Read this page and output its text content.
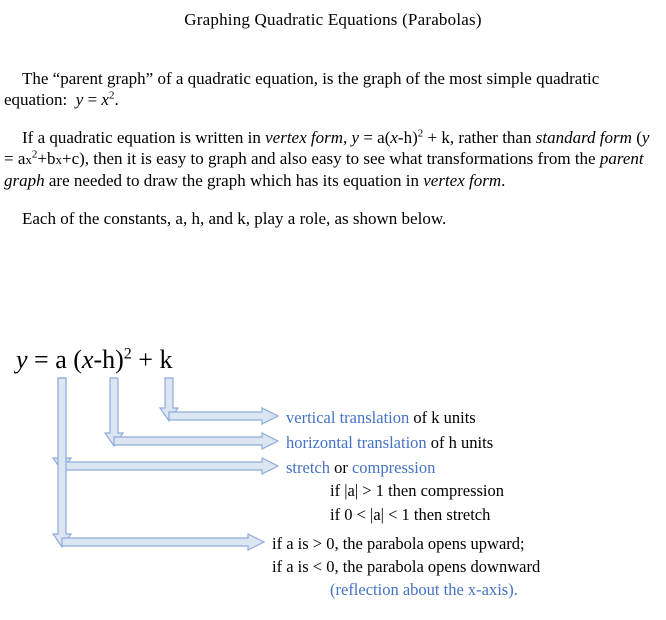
Graphing Quadratic Equations (Parabolas)

The “parent graph” of a quadratic equation, is the graph of the most simple quadratic equation:  $y = x^2$.

If a quadratic equation is written in vertex form, $y = a(x-h)^2 + k$, rather than standard form $(y = ax^2+bx+c)$, then it is easy to graph and also easy to see what transformations from the parent graph are needed to draw the graph which has its equation in vertex form.

Each of the constants, a, h, and k, play a role, as shown below.

y = a $(x-h)^2 + k$
vertical translation of k units
horizontal translation of h units
stretch or compression
if |a| > 1 then compression
if 0 < |a| < 1 then stretch
if a is > 0, the parabola opens upward;
if a is < 0, the parabola opens downward
(reflection about the x-axis).
